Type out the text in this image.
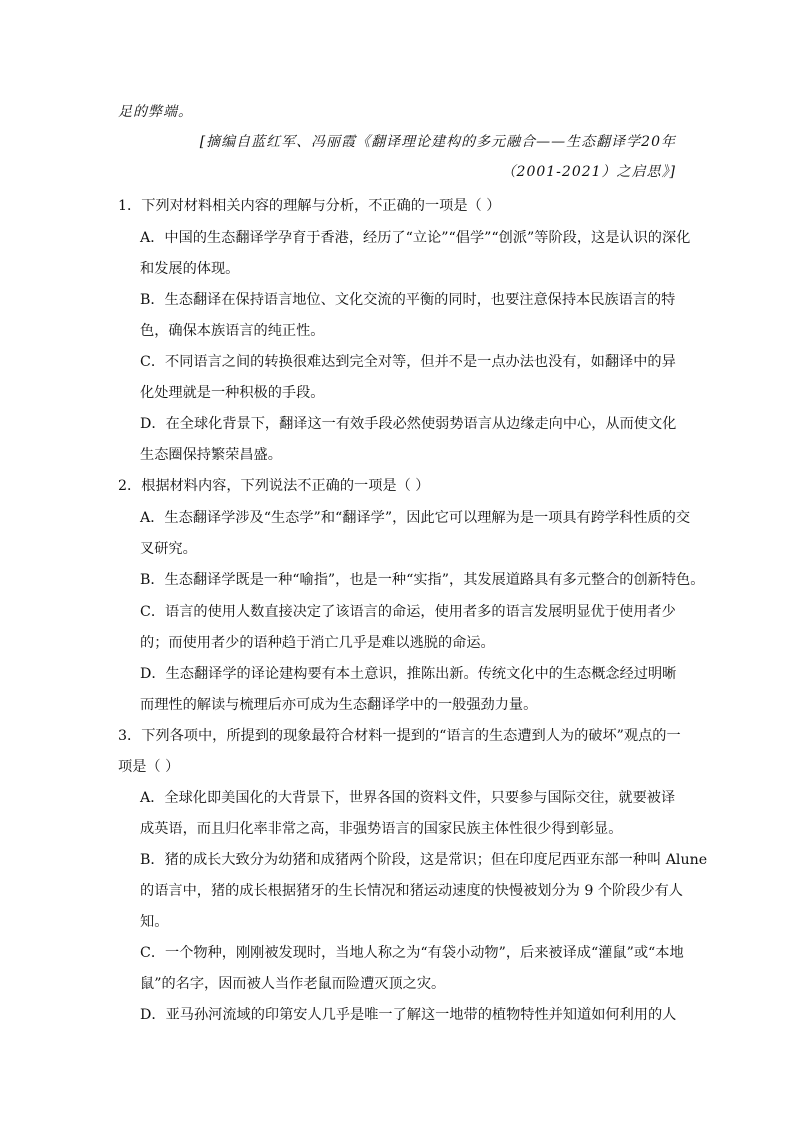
足的弊端。
[摘编自蓝红军、冯丽霞《翻译理论建构的多元融合——生态翻译学20年
（2001-2021）之启思》]
1．下列对材料相关内容的理解与分析，不正确的一项是（ ）
A．中国的生态翻译学孕育于香港，经历了“立论”“倡学”“创派”等阶段，这是认识的深化
和发展的体现。
B．生态翻译在保持语言地位、文化交流的平衡的同时，也要注意保持本民族语言的特
色，确保本族语言的纯正性。
C．不同语言之间的转换很难达到完全对等，但并不是一点办法也没有，如翻译中的异
化处理就是一种积极的手段。
D．在全球化背景下，翻译这一有效手段必然使弱势语言从边缘走向中心，从而使文化
生态圈保持繁荣昌盛。
2．根据材料内容，下列说法不正确的一项是（ ）
A．生态翻译学涉及“生态学”和“翻译学”，因此它可以理解为是一项具有跨学科性质的交
叉研究。
B．生态翻译学既是一种“喻指”，也是一种“实指”，其发展道路具有多元整合的创新特色。
C．语言的使用人数直接决定了该语言的命运，使用者多的语言发展明显优于使用者少
的；而使用者少的语种趋于消亡几乎是难以逃脱的命运。
D．生态翻译学的译论建构要有本土意识，推陈出新。传统文化中的生态概念经过明晰
而理性的解读与梳理后亦可成为生态翻译学中的一般强劲力量。
3．下列各项中，所提到的现象最符合材料一提到的“语言的生态遭到人为的破坏”观点的一
项是（ ）
A．全球化即美国化的大背景下，世界各国的资料文件，只要参与国际交往，就要被译
成英语，而且归化率非常之高，非强势语言的国家民族主体性很少得到彰显。
B．猪的成长大致分为幼猪和成猪两个阶段，这是常识；但在印度尼西亚东部一种叫 Alune
的语言中，猪的成长根据猪牙的生长情况和猪运动速度的快慢被划分为 9 个阶段少有人
知。
C．一个物种，刚刚被发现时，当地人称之为“有袋小动物”，后来被译成“灌鼠”或“本地
鼠”的名字，因而被人当作老鼠而险遭灭顶之灾。
D．亚马孙河流域的印第安人几乎是唯一了解这一地带的植物特性并知道如何利用的人
